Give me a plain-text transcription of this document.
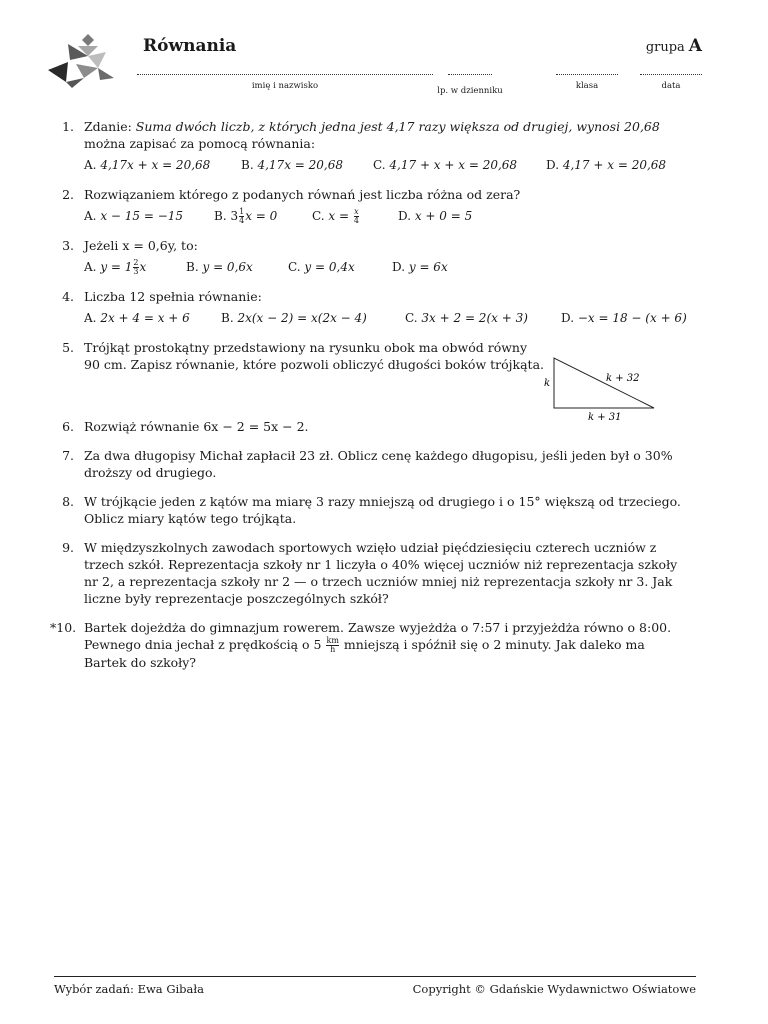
Równania	grupa A
imię i nazwisko	lp. w dzienniku	klasa	data
1. Zdanie: Suma dwóch liczb, z których jedna jest 4,17 razy większa od drugiej, wynosi 20,68 można zapisać za pomocą równania:
A. 4,17x + x = 20,68	B. 4,17x = 20,68	C. 4,17 + x + x = 20,68	D. 4,17 + x = 20,68
2. Rozwiązaniem którego z podanych równań jest liczba różna od zera?
A. x − 15 = −15	B. $3 \frac{1}{4}$ x = 0	C. $x = \frac{x}{4}$	D. x + 0 = 5
3. Jeżeli x = 0,6y, to:
A. $y = 1 \frac{2}{3}$ x	B. y = 0,6x	C. y = 0,4x	D. y = 6x
4. Liczba 12 spełnia równanie:
A. 2x + 4 = x + 6	B. 2x(x − 2) = x(2x − 4)	C. 3x + 2 = 2(x + 3)	D. −x = 18 − (x + 6)
5. Trójkąt prostokątny przedstawiony na rysunku obok ma obwód równy 90 cm. Zapisz równanie, które pozwoli obliczyć długości boków trójkąta.
6. Rozwiąż równanie 6x − 2 = 5x − 2.
7. Za dwa długopisy Michał zapłacił 23 zł. Oblicz cenę każdego długopisu, jeśli jeden był o 30% droższy od drugiego.
8. W trójkącie jeden z kątów ma miarę 3 razy mniejszą od drugiego i o 15° większą od trzeciego. Oblicz miary kątów tego trójkąta.
9. W międzyszkolnych zawodach sportowych wzięło udział pięćdziesięciu czterech uczniów z trzech szkół. Reprezentacja szkoły nr 1 liczyła o 40% więcej uczniów niż reprezentacja szkoły nr 2, a reprezentacja szkoły nr 2 — o trzech uczniów mniej niż reprezentacja szkoły nr 3. Jak liczne były reprezentacje poszczególnych szkół?
*10. Bartek dojeżdża do gimnazjum rowerem. Zawsze wyjeżdża o 7:57 i przyjeżdża równo o 8:00. Pewnego dnia jechał z prędkością o $5 \frac{km}{h}$ mniejszą i spóźnił się o 2 minuty. Jak daleko ma Bartek do szkoły?
k	k + 32
k + 31
Wybór zadań: Ewa Gibała	Copyright © Gdańskie Wydawnictwo Oświatowe
